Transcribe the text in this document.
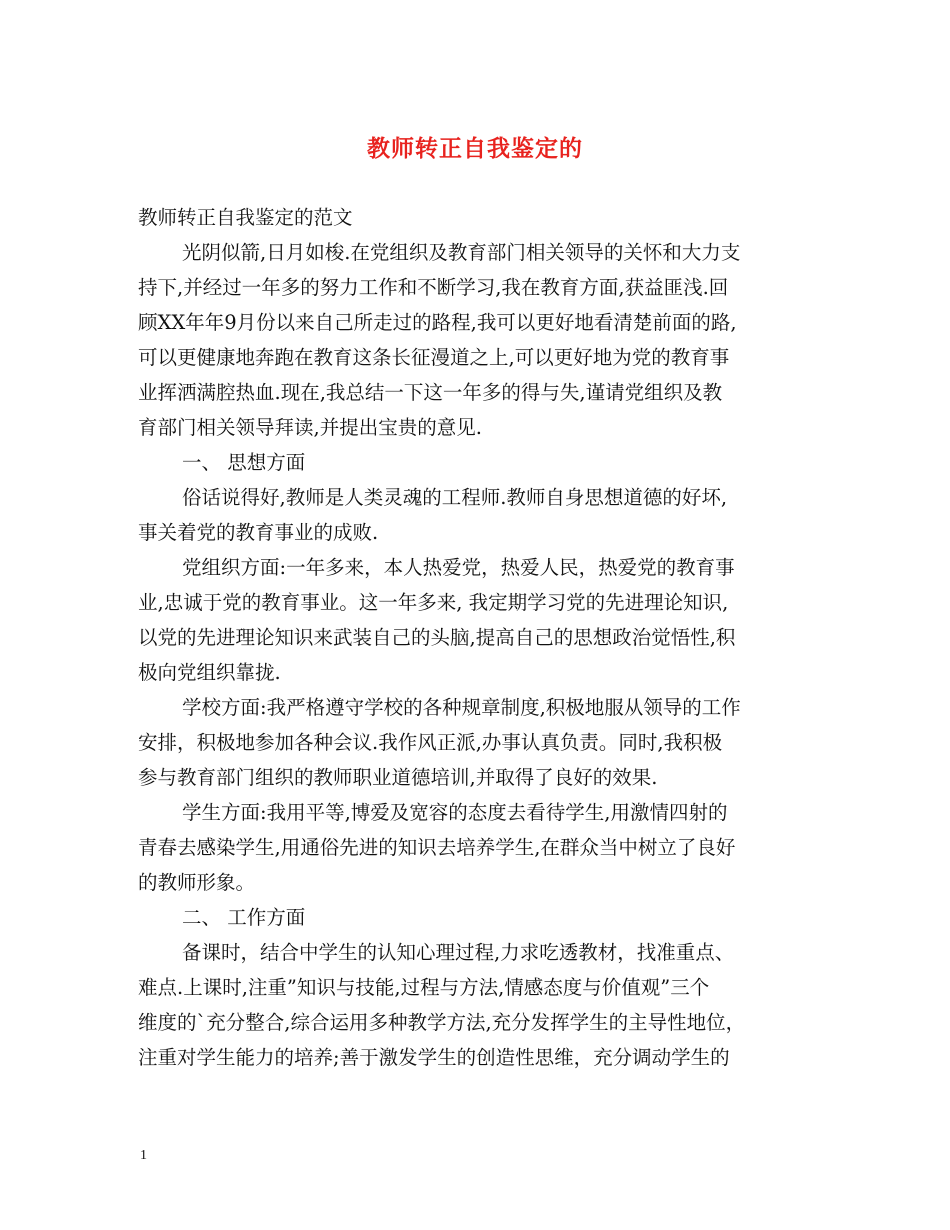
教师转正自我鉴定的

教师转正自我鉴定的范文

光阴似箭,日月如梭.在党组织及教育部门相关领导的关怀和大力支

持下,并经过一年多的努力工作和不断学习,我在教育方面,获益匪浅.回

顾XX年年9月份以来自己所走过的路程,我可以更好地看清楚前面的路,

可以更健康地奔跑在教育这条长征漫道之上,可以更好地为党的教育事

业挥洒满腔热血.现在,我总结一下这一年多的得与失,谨请党组织及教

育部门相关领导拜读,并提出宝贵的意见.

一、 思想方面

俗话说得好,教师是人类灵魂的工程师.教师自身思想道德的好坏,

事关着党的教育事业的成败.

党组织方面:一年多来，本人热爱党，热爱人民，热爱党的教育事

业,忠诚于党的教育事业。这一年多来, 我定期学习党的先进理论知识,

以党的先进理论知识来武装自己的头脑,提高自己的思想政治觉悟性,积

极向党组织靠拢.

学校方面:我严格遵守学校的各种规章制度,积极地服从领导的工作

安排，积极地参加各种会议.我作风正派,办事认真负责。同时,我积极

参与教育部门组织的教师职业道德培训,并取得了良好的效果.

学生方面:我用平等,博爱及宽容的态度去看待学生,用激情四射的

青春去感染学生,用通俗先进的知识去培养学生,在群众当中树立了良好

的教师形象。

二、 工作方面

备课时，结合中学生的认知心理过程,力求吃透教材，找准重点、

难点.上课时,注重”知识与技能,过程与方法,情感态度与价值观”三个

维度的`充分整合,综合运用多种教学方法,充分发挥学生的主导性地位，

注重对学生能力的培养;善于激发学生的创造性思维，充分调动学生的

1
